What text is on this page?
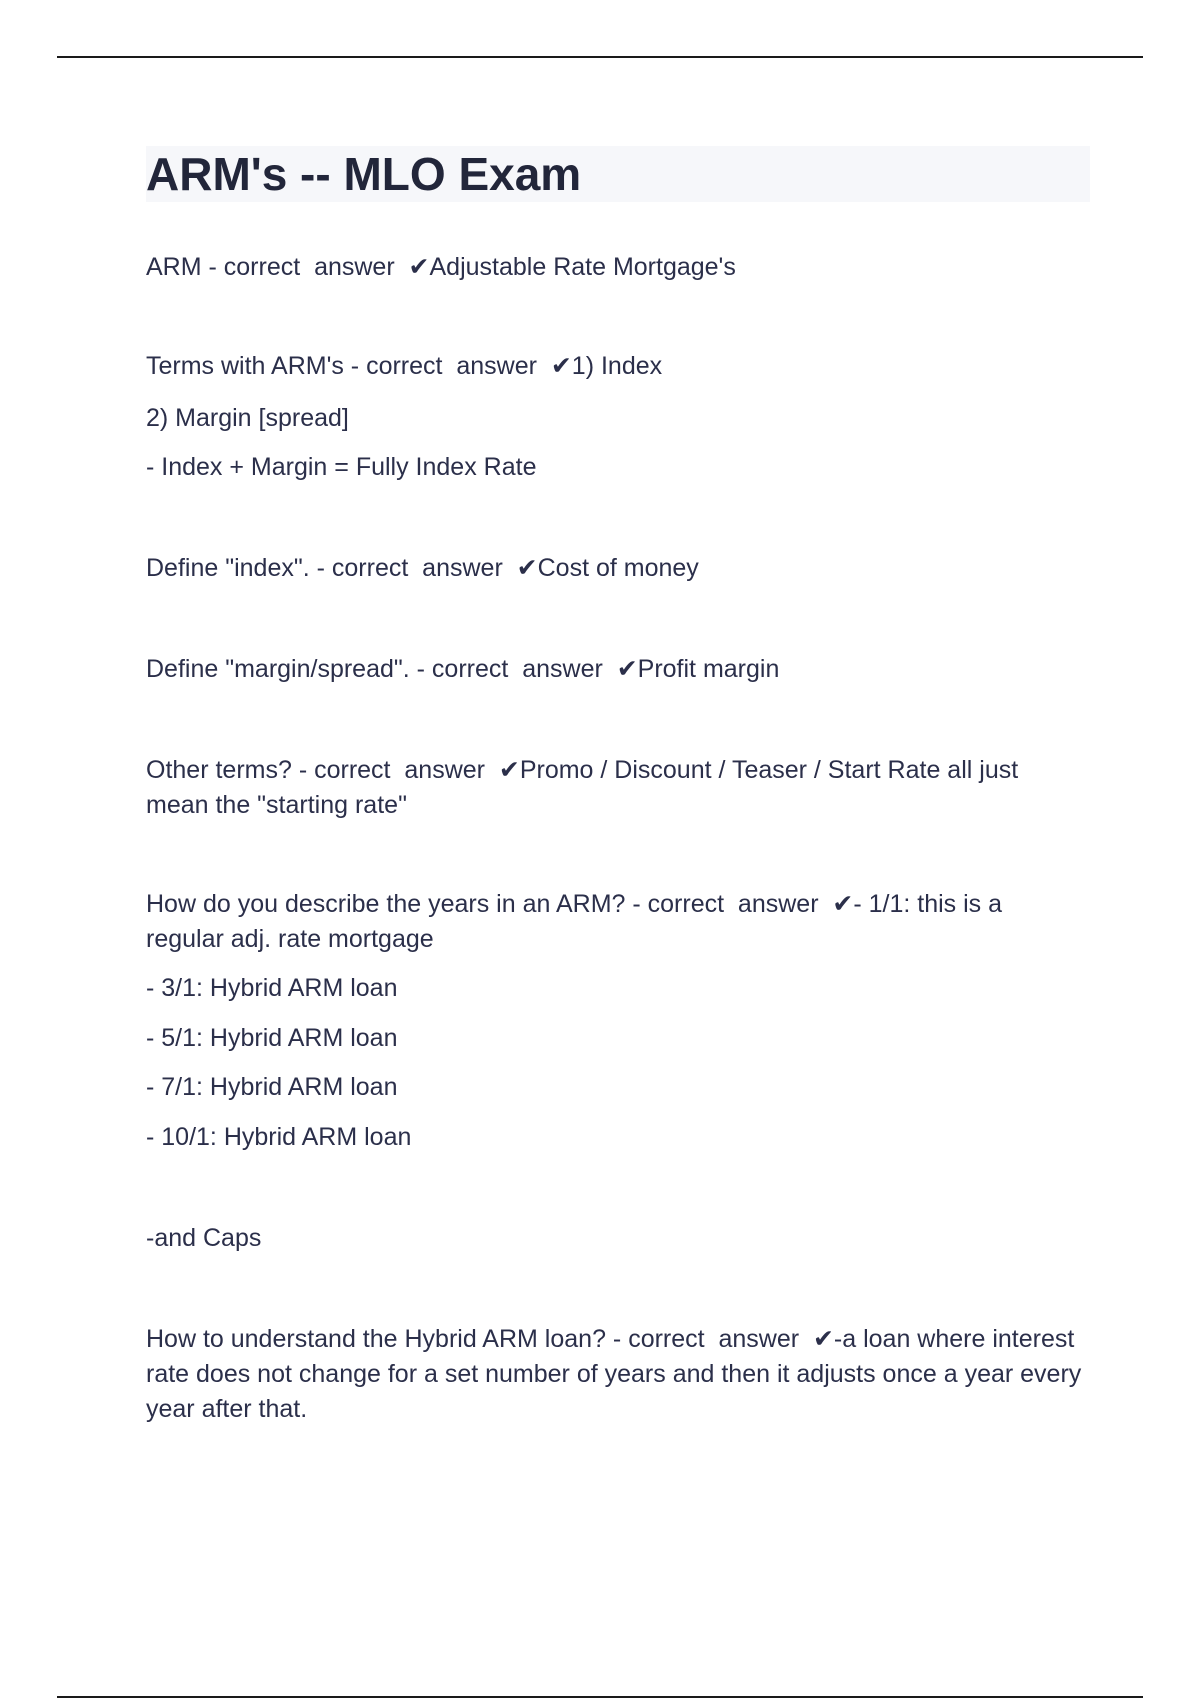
ARM's -- MLO Exam

ARM - correct  answer  ✔Adjustable Rate Mortgage's

Terms with ARM's - correct  answer  ✔1) Index

2) Margin [spread]

- Index + Margin = Fully Index Rate

Define "index". - correct  answer  ✔Cost of money

Define "margin/spread". - correct  answer  ✔Profit margin

Other terms? - correct  answer  ✔Promo / Discount / Teaser / Start Rate all just mean the "starting rate"

How do you describe the years in an ARM? - correct  answer  ✔- 1/1: this is a regular adj. rate mortgage

- 3/1: Hybrid ARM loan

- 5/1: Hybrid ARM loan

- 7/1: Hybrid ARM loan

- 10/1: Hybrid ARM loan

-and Caps

How to understand the Hybrid ARM loan? - correct  answer  ✔-a loan where interest rate does not change for a set number of years and then it adjusts once a year every year after that.
